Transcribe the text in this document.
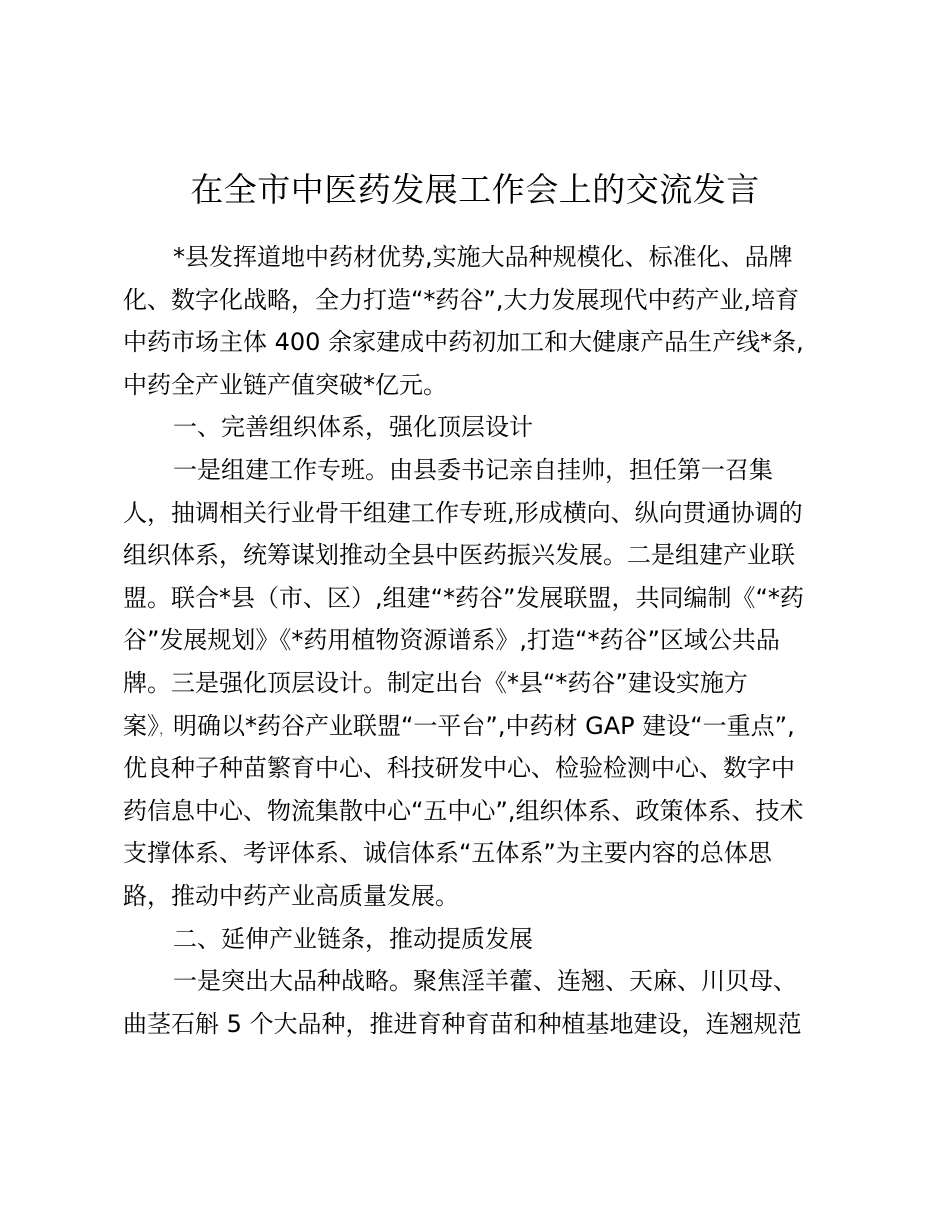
在全市中医药发展工作会上的交流发言
*县发挥道地中药材优势,实施大品种规模化、标准化、品牌
化、数字化战略，全力打造“*药谷”,大力发展现代中药产业,培育
中药市场主体 400 余家建成中药初加工和大健康产品生产线*条,
中药全产业链产值突破*亿元。
一、完善组织体系，强化顶层设计
一是组建工作专班。由县委书记亲自挂帅，担任第一召集
人，抽调相关行业骨干组建工作专班,形成横向、纵向贯通协调的
组织体系，统筹谋划推动全县中医药振兴发展。二是组建产业联
盟。联合*县（市、区）,组建“*药谷”发展联盟，共同编制《“*药
谷”发展规划》《*药用植物资源谱系》,打造“*药谷”区域公共品
牌。三是强化顶层设计。制定出台《*县“*药谷”建设实施方
案》，明确以*药谷产业联盟“一平台”,中药材 GAP 建设“一重点”,
优良种子种苗繁育中心、科技研发中心、检验检测中心、数字中
药信息中心、物流集散中心“五中心”,组织体系、政策体系、技术
支撑体系、考评体系、诚信体系“五体系”为主要内容的总体思
路，推动中药产业高质量发展。
二、延伸产业链条，推动提质发展
一是突出大品种战略。聚焦淫羊藿、连翘、天麻、川贝母、
曲茎石斛 5 个大品种，推进育种育苗和种植基地建设，连翘规范
